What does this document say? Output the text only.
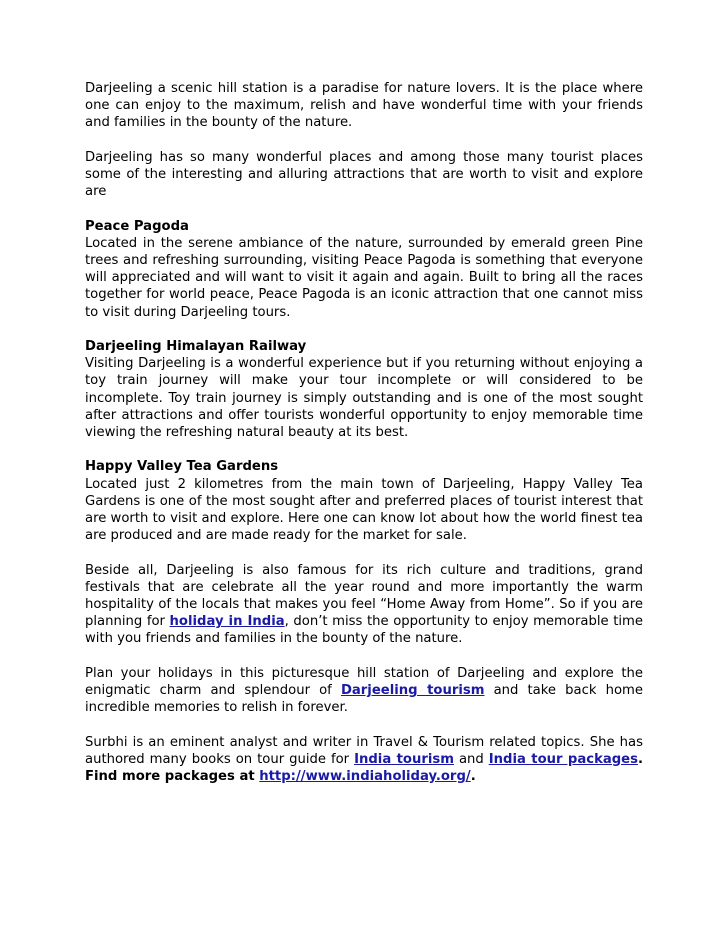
Darjeeling a scenic hill station is a paradise for nature lovers. It is the place where one can enjoy to the maximum, relish and have wonderful time with your friends and families in the bounty of the nature.

Darjeeling has so many wonderful places and among those many tourist places some of the interesting and alluring attractions that are worth to visit and explore are

Peace Pagoda
Located in the serene ambiance of the nature, surrounded by emerald green Pine trees and refreshing surrounding, visiting Peace Pagoda is something that everyone will appreciated and will want to visit it again and again. Built to bring all the races together for world peace, Peace Pagoda is an iconic attraction that one cannot miss to visit during Darjeeling tours.

Darjeeling Himalayan Railway
Visiting Darjeeling is a wonderful experience but if you returning without enjoying a toy train journey will make your tour incomplete or will considered to be incomplete. Toy train journey is simply outstanding and is one of the most sought after attractions and offer tourists wonderful opportunity to enjoy memorable time viewing the refreshing natural beauty at its best.

Happy Valley Tea Gardens
Located just 2 kilometres from the main town of Darjeeling, Happy Valley Tea Gardens is one of the most sought after and preferred places of tourist interest that are worth to visit and explore. Here one can know lot about how the world finest tea are produced and are made ready for the market for sale.

Beside all, Darjeeling is also famous for its rich culture and traditions, grand festivals that are celebrate all the year round and more importantly the warm hospitality of the locals that makes you feel “Home Away from Home”. So if you are planning for holiday in India, don’t miss the opportunity to enjoy memorable time with you friends and families in the bounty of the nature.

Plan your holidays in this picturesque hill station of Darjeeling and explore the enigmatic charm and splendour of Darjeeling tourism and take back home incredible memories to relish in forever.

Surbhi is an eminent analyst and writer in Travel & Tourism related topics. She has authored many books on tour guide for India tourism and India tour packages. Find more packages at http://www.indiaholiday.org/.
